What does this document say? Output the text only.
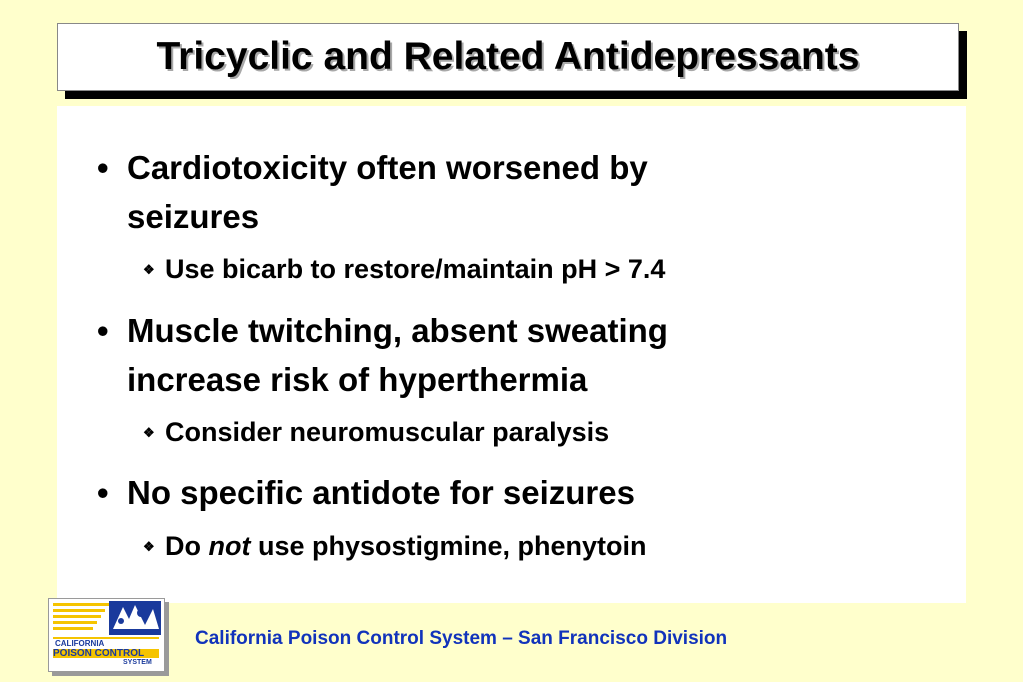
Tricyclic and Related Antidepressants
• Cardiotoxicity often worsened by
seizures
❖ Use bicarb to restore/maintain pH > 7.4
• Muscle twitching, absent sweating
increase risk of hyperthermia
❖ Consider neuromuscular paralysis
• No specific antidote for seizures
❖ Do not use physostigmine, phenytoin
CALIFORNIA
POISON CONTROL
SYSTEM
California Poison Control System – San Francisco Division
